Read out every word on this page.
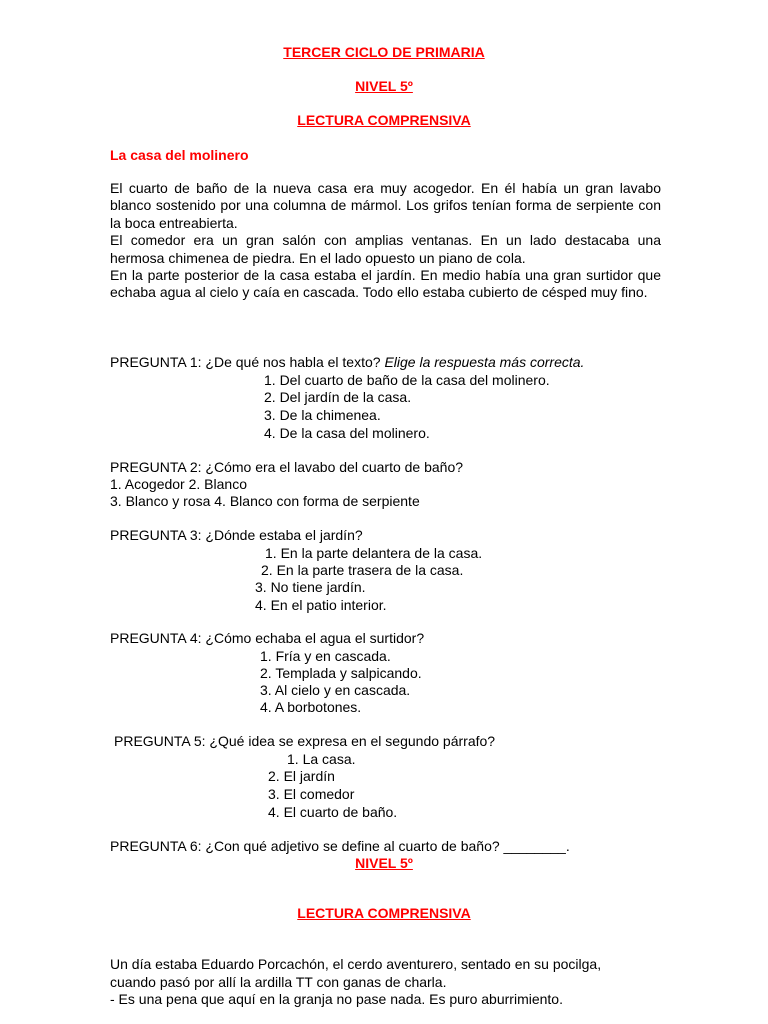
TERCER CICLO DE PRIMARIA

NIVEL 5º

LECTURA COMPRENSIVA

La casa del molinero

El cuarto de baño de la nueva casa era muy acogedor. En él había un gran lavabo blanco sostenido por una columna de mármol. Los grifos tenían forma de serpiente con la boca entreabierta.
El comedor era un gran salón con amplias ventanas. En un lado destacaba una hermosa chimenea de piedra. En el lado opuesto un piano de cola.
En la parte posterior de la casa estaba el jardín. En medio había una gran surtidor que echaba agua al cielo y caía en cascada. Todo ello estaba cubierto de césped muy fino.

PREGUNTA 1: ¿De qué nos habla el texto? Elige la respuesta más correcta.

1. Del cuarto de baño de la casa del molinero.

2. Del jardín de la casa.

3. De la chimenea.

4. De la casa del molinero.

PREGUNTA 2: ¿Cómo era el lavabo del cuarto de baño?

1. Acogedor 2. Blanco

3. Blanco y rosa 4. Blanco con forma de serpiente

PREGUNTA 3: ¿Dónde estaba el jardín?

1. En la parte delantera de la casa.

2. En la parte trasera de la casa.

3. No tiene jardín.

4. En el patio interior.

PREGUNTA 4: ¿Cómo echaba el agua el surtidor?

1. Fría y en cascada.

2. Templada y salpicando.

3. Al cielo y en cascada.

4. A borbotones.

PREGUNTA 5: ¿Qué idea se expresa en el segundo párrafo?

1. La casa.

2. El jardín

3. El comedor

4. El cuarto de baño.

PREGUNTA 6: ¿Con qué adjetivo se define al cuarto de baño? ________.

NIVEL 5º

LECTURA COMPRENSIVA

Un día estaba Eduardo Porcachón, el cerdo aventurero, sentado en su pocilga,

cuando pasó por allí la ardilla TT con ganas de charla.

- Es una pena que aquí en la granja no pase nada. Es puro aburrimiento.
